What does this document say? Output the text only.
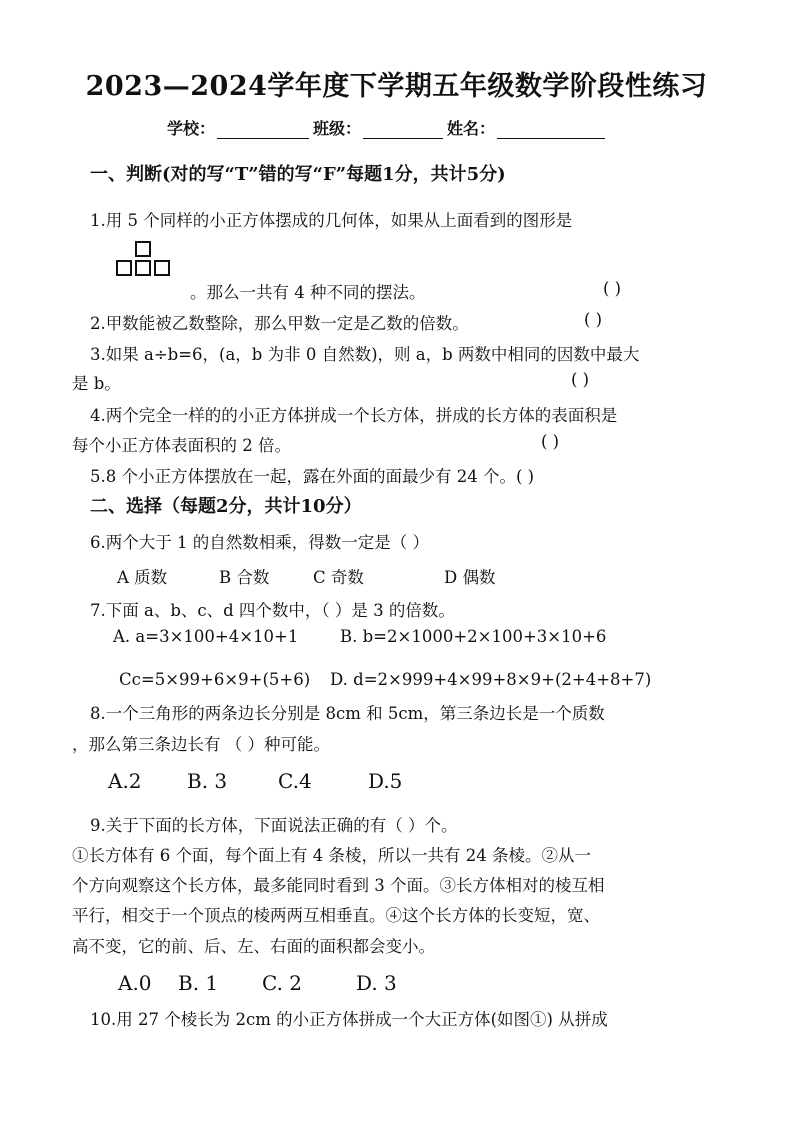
2023—2024学年度下学期五年级数学阶段性练习
学校：	班级：	姓名：
一、判断(对的写“T”错的写“F”每题1分，共计5分)
1.用 5 个同样的小正方体摆成的几何体，如果从上面看到的图形是
。那么一共有 4 种不同的摆法。	( )
2.甲数能被乙数整除，那么甲数一定是乙数的倍数。	( )
3.如果 a÷b=6，(a，b 为非 0 自然数)，则 a，b 两数中相同的因数中最大
是 b。	( )
4.两个完全一样的的小正方体拼成一个长方体，拼成的长方体的表面积是
每个小正方体表面积的 2 倍。	( )
5.8 个小正方体摆放在一起，露在外面的面最少有 24 个。( )
二、选择（每题2分，共计10分）
6.两个大于 1 的自然数相乘，得数一定是（ ）
A 质数	B 合数	C 奇数	D 偶数
7.下面 a、b、c、d 四个数中，（ ）是 3 的倍数。
A. a=3×100+4×10+1	B. b=2×1000+2×100+3×10+6
Cc=5×99+6×9+(5+6) D. d=2×999+4×99+8×9+(2+4+8+7)
8.一个三角形的两条边长分别是 8cm 和 5cm，第三条边长是一个质数
，那么第三条边长有 （ ）种可能。
A.2 B. 3	C.4	D.5
9.关于下面的长方体，下面说法正确的有（ ）个。
①长方体有 6 个面，每个面上有 4 条棱，所以一共有 24 条棱。②从一
个方向观察这个长方体，最多能同时看到 3 个面。③长方体相对的棱互相
平行，相交于一个顶点的棱两两互相垂直。④这个长方体的长变短，宽、
高不变，它的前、后、左、右面的面积都会变小。
A.0 B. 1 C. 2	D. 3
10.用 27 个棱长为 2cm 的小正方体拼成一个大正方体(如图①) 从拼成
